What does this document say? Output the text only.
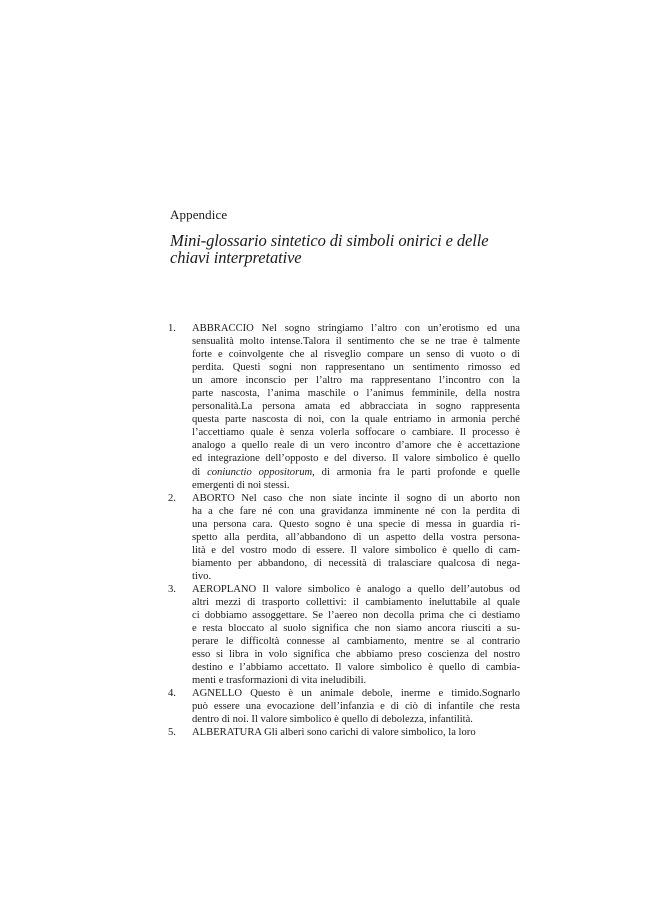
Appendice
Mini-glossario sintetico di simboli onirici e delle
chiavi interpretative
1. ABBRACCIO Nel sogno stringiamo l’altro con un’erotismo ed una
sensualità molto intense.Talora il sentimento che se ne trae è talmente
forte e coinvolgente che al risveglio compare un senso di vuoto o di
perdita. Questi sogni non rappresentano un sentimento rimosso ed
un amore inconscio per l’altro ma rappresentano l’incontro con la
parte nascosta, l’anima maschile o l’animus femminile, della nostra
personalità.La persona amata ed abbracciata in sogno rappresenta
questa parte nascosta di noi, con la quale entriamo in armonia perché
l’accettiamo quale è senza volerla soffocare o cambiare. Il processo è
analogo a quello reale di un vero incontro d’amore che è accettazione
ed integrazione dell’opposto e del diverso. Il valore simbolico è quello
di coniunctio oppositorum, di armonia fra le parti profonde e quelle
emergenti di noi stessi.
2. ABORTO Nel caso che non siate incinte il sogno di un aborto non
ha a che fare né con una gravidanza imminente né con la perdita di
una persona cara. Questo sogno è una specie di messa in guardia ri-
spetto alla perdita, all’abbandono di un aspetto della vostra persona-
lità e del vostro modo di essere. Il valore simbolico è quello di cam-
biamento per abbandono, di necessità di tralasciare qualcosa di nega-
tivo.
3. AEROPLANO Il valore simbolico è analogo a quello dell’autobus od
altri mezzi di trasporto collettivi: il cambiamento ineluttabile al quale
ci dobbiamo assoggettare. Se l’aereo non decolla prima che ci destiamo
e resta bloccato al suolo significa che non siamo ancora riusciti a su-
perare le difficoltà connesse al cambiamento, mentre se al contrario
esso si libra in volo significa che abbiamo preso coscienza del nostro
destino e l’abbiamo accettato. Il valore simbolico è quello di cambia-
menti e trasformazioni di vita ineludibili.
4. AGNELLO Questo è un animale debole, inerme e timido.Sognarlo
può essere una evocazione dell’infanzia e di ciò di infantile che resta
dentro di noi. Il valore simbolico è quello di debolezza, infantilità.
5. ALBERATURA Gli alberi sono carichi di valore simbolico, la loro
